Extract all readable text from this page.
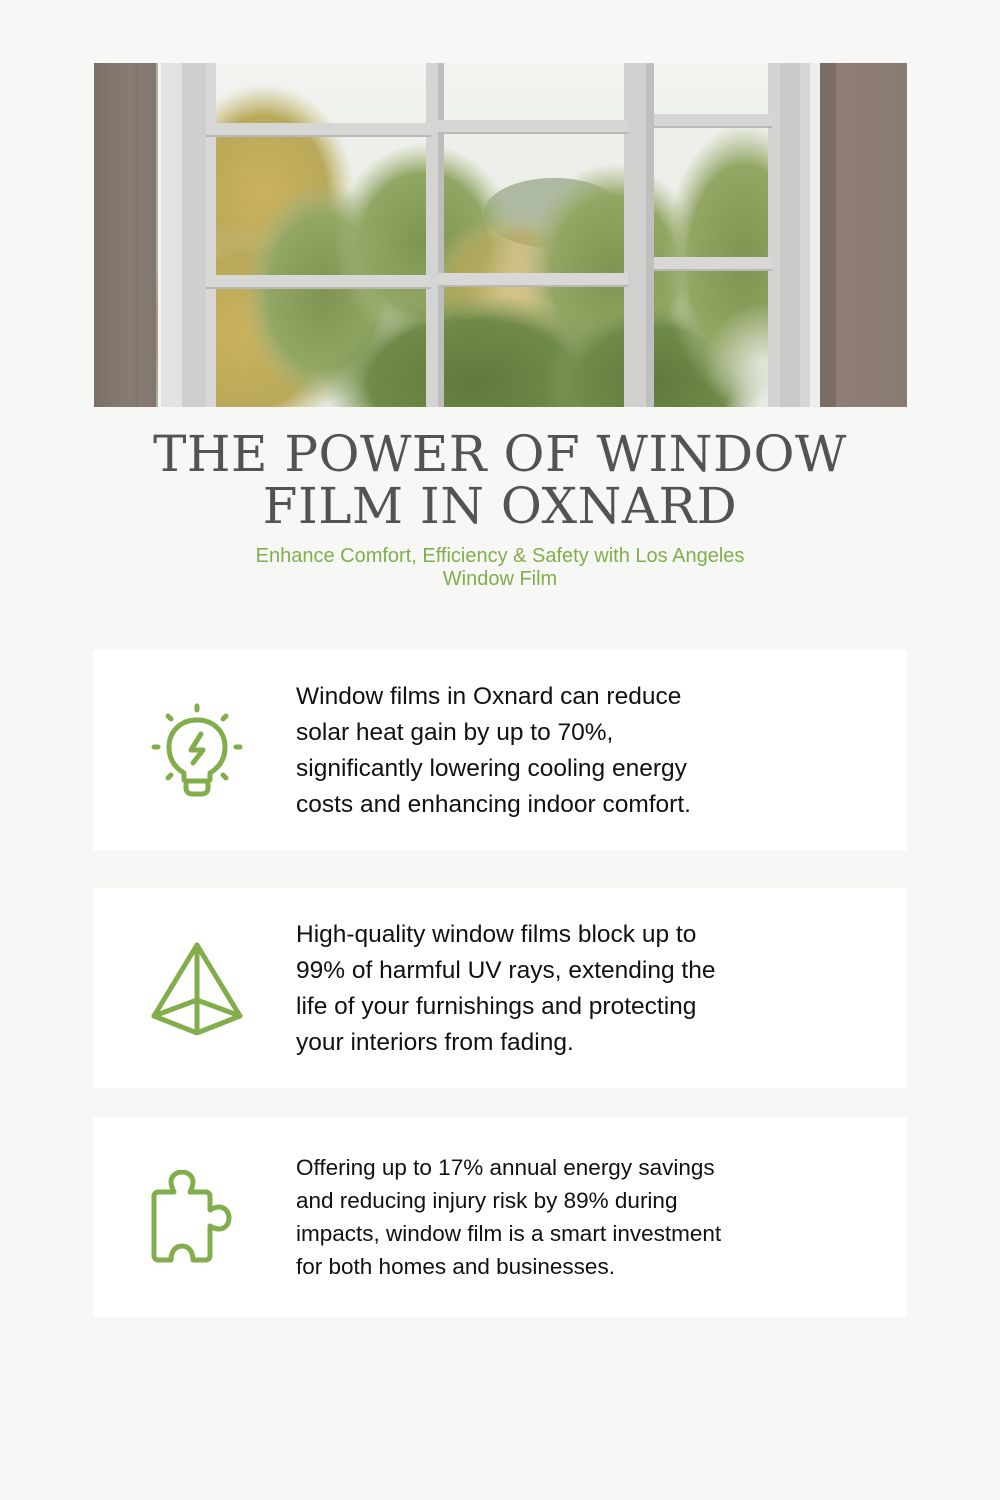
THE POWER OF WINDOW
FILM IN OXNARD
Enhance Comfort, Efficiency & Safety with Los Angeles
Window Film
Window films in Oxnard can reduce
solar heat gain by up to 70%,
significantly lowering cooling energy
costs and enhancing indoor comfort.
High-quality window films block up to
99% of harmful UV rays, extending the
life of your furnishings and protecting
your interiors from fading.
Offering up to 17% annual energy savings
and reducing injury risk by 89% during
impacts, window film is a smart investment
for both homes and businesses.
